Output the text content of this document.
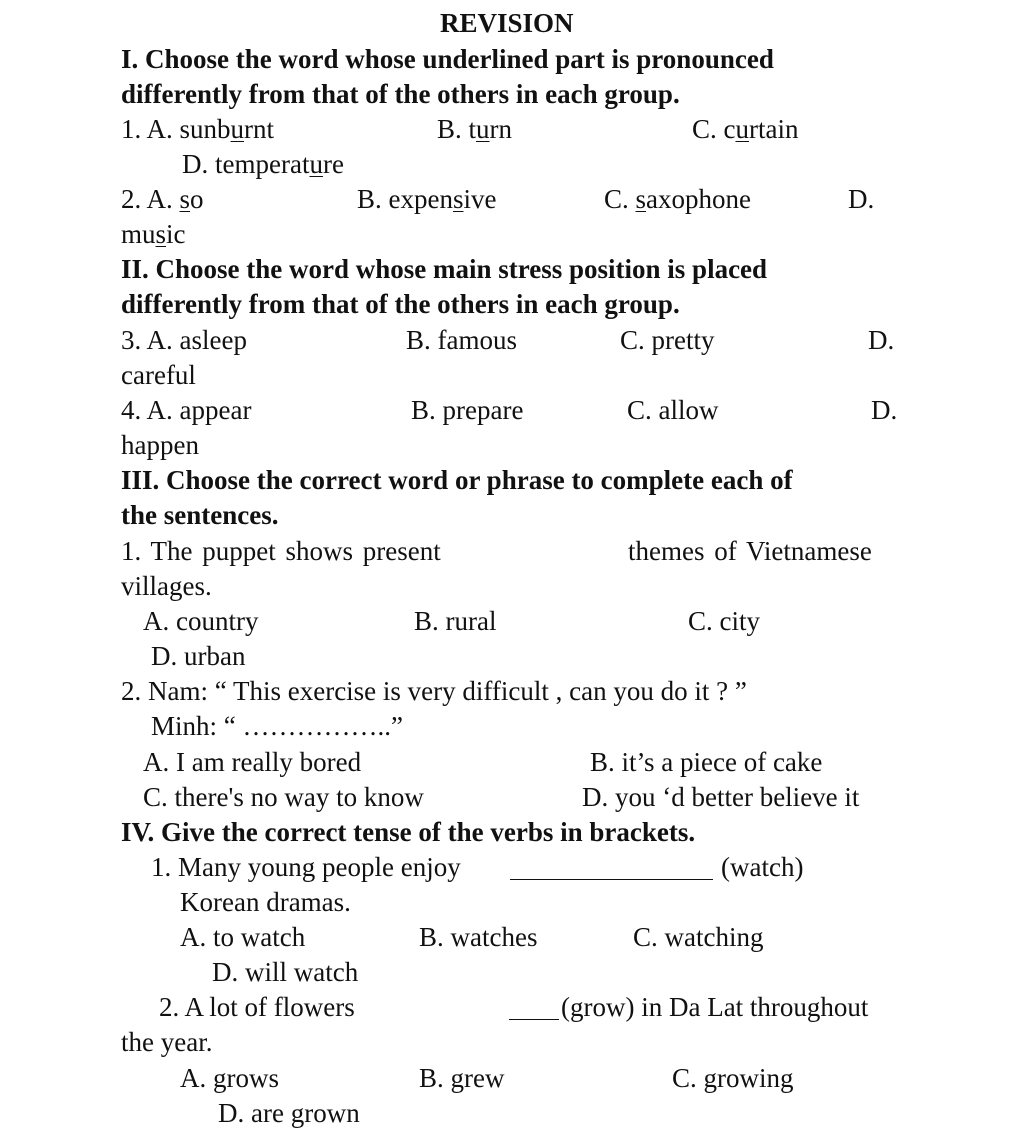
REVISION
I. Choose the word whose underlined part is pronounced
differently from that of the others in each group.
1. A. sunburnt	B. turn	C. curtain
D. temperature
2. A. so	B. expensive	C. saxophone	D.
music
II. Choose the word whose main stress position is placed
differently from that of the others in each group.
3. A. asleep	B. famous	C. pretty	D.
careful
4. A. appear	B. prepare	C. allow	D.
happen
III. Choose the correct word or phrase to complete each of
the sentences.
1. The puppet shows present	themes of Vietnamese
villages.
A. country	B. rural	C. city
D. urban
2. Nam: “ This exercise is very difficult , can you do it ? ”
Minh: “ ……………..”
A. I am really bored	B. it’s a piece of cake
C. there's no way to know	D. you ‘d better believe it
IV. Give the correct tense of the verbs in brackets.
1. Many young people enjoy	(watch)
Korean dramas.
A. to watch	B. watches	C. watching
D. will watch
2. A lot of flowers	(grow) in Da Lat throughout
the year.
A. grows	B. grew	C. growing
D. are grown
